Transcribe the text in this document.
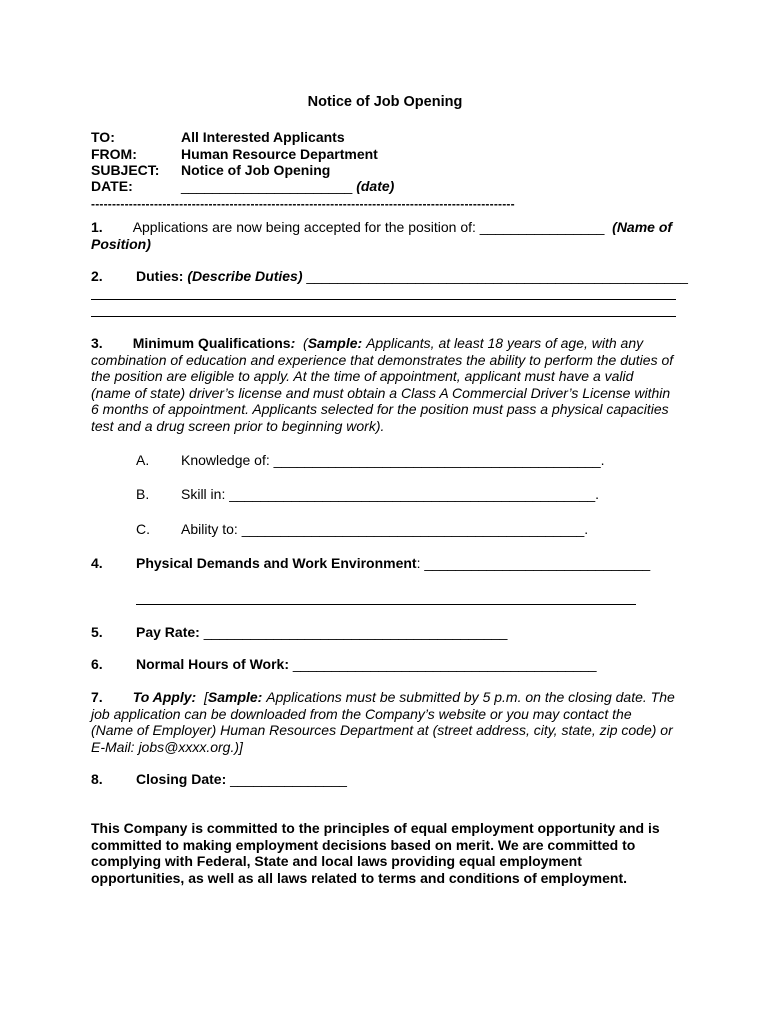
Notice of Job Opening
TO:	All Interested Applicants
FROM:	Human Resource Department
SUBJECT: Notice of Job Opening
DATE:	______________________ (date)
-----------------------------------------------------------------------------------------------------
1. Applications are now being accepted for the position of: ________________ (Name of Position)
2. Duties: (Describe Duties) _________________________________________________
3. Minimum Qualifications: (Sample: Applicants, at least 18 years of age, with any combination of education and experience that demonstrates the ability to perform the duties of the position are eligible to apply. At the time of appointment, applicant must have a valid (name of state) driver’s license and must obtain a Class A Commercial Driver’s License within 6 months of appointment. Applicants selected for the position must pass a physical capacities test and a drug screen prior to beginning work).
A. Knowledge of: __________________________________________.
B. Skill in: _______________________________________________.
C. Ability to: ____________________________________________.
4. Physical Demands and Work Environment: _____________________________
5. Pay Rate: _______________________________________
6. Normal Hours of Work: _______________________________________
7. To Apply: [Sample: Applications must be submitted by 5 p.m. on the closing date. The job application can be downloaded from the Company’s website or you may contact the (Name of Employer) Human Resources Department at (street address, city, state, zip code) or E-Mail: jobs@xxxx.org.)]
8. Closing Date: _______________
This Company is committed to the principles of equal employment opportunity and is committed to making employment decisions based on merit. We are committed to complying with Federal, State and local laws providing equal employment opportunities, as well as all laws related to terms and conditions of employment.
